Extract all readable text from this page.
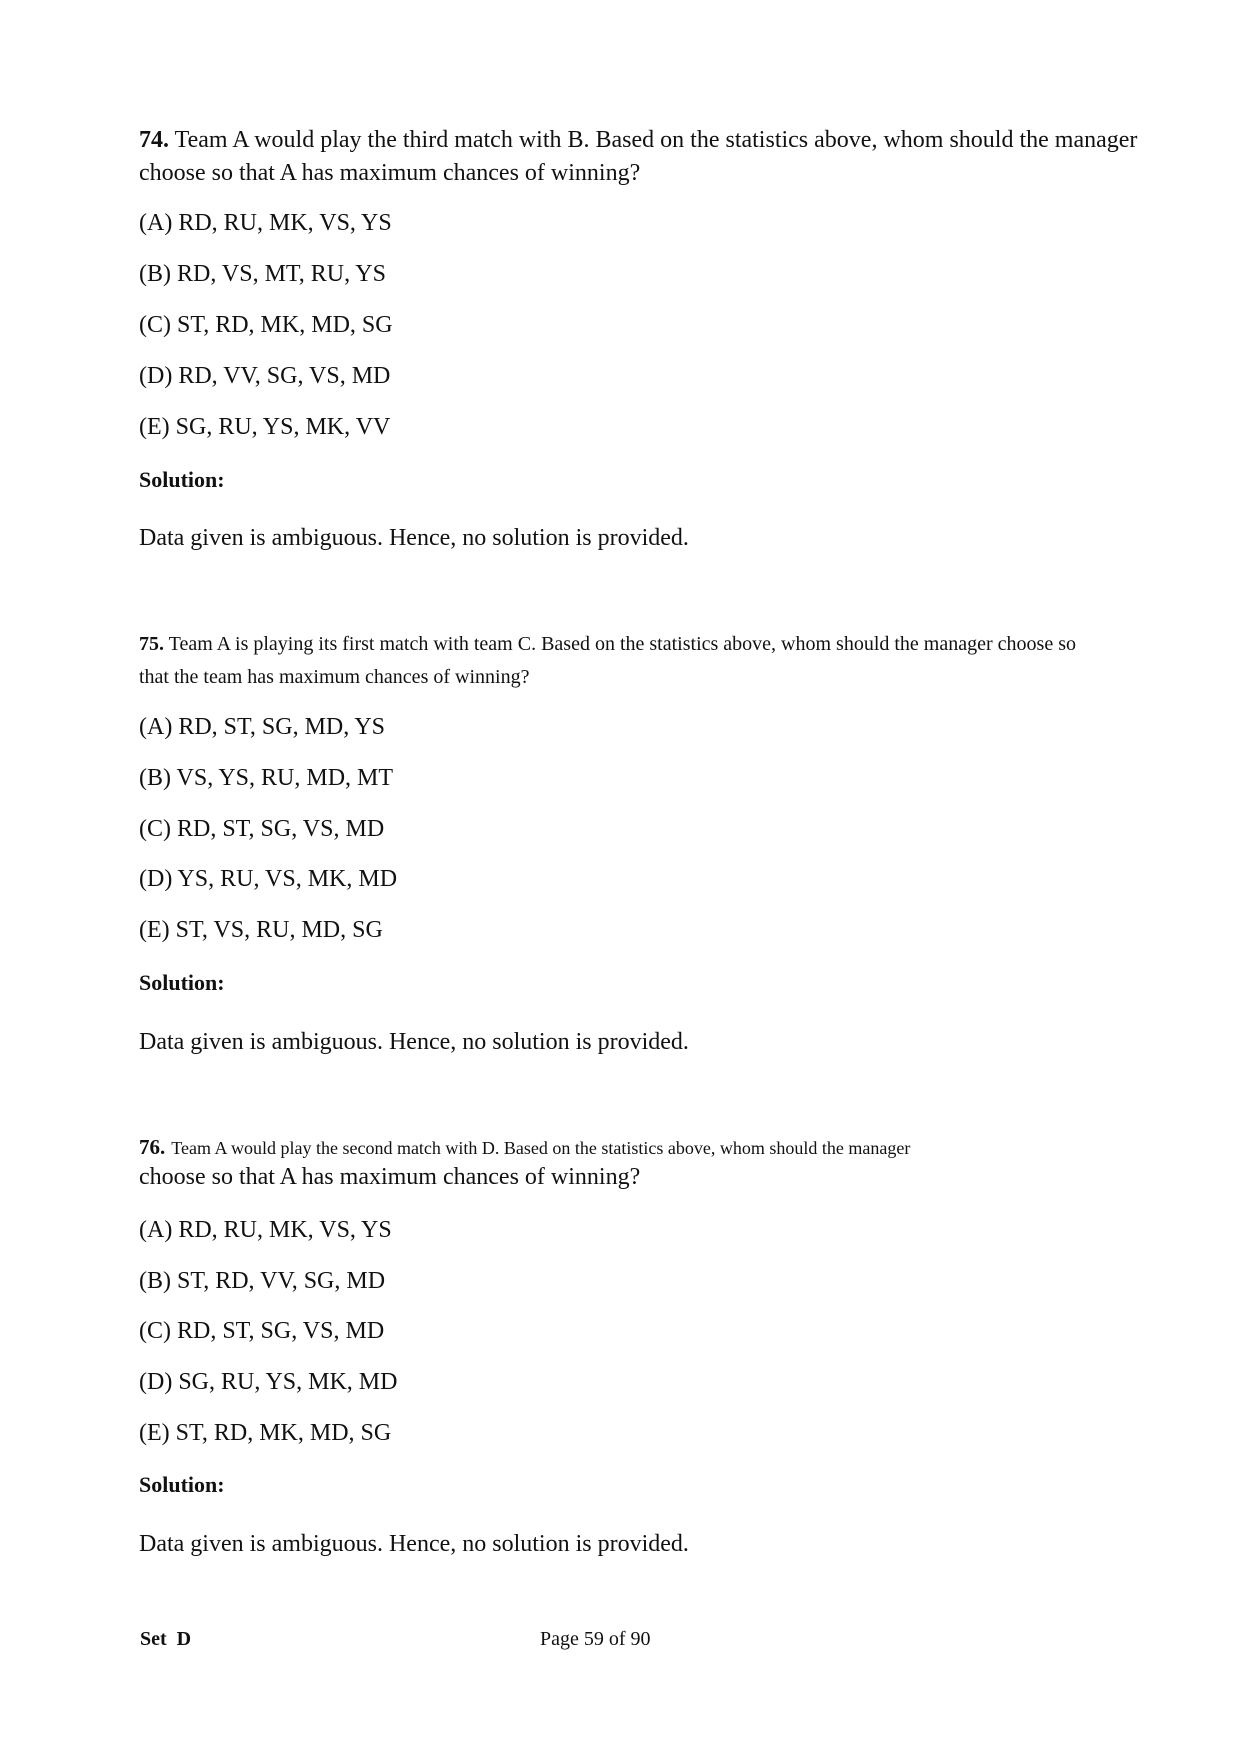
74. Team A would play the third match with B. Based on the statistics above, whom should the manager choose so that A has maximum chances of winning?

(A) RD, RU, MK, VS, YS

(B) RD, VS, MT, RU, YS

(C) ST, RD, MK, MD, SG

(D) RD, VV, SG, VS, MD

(E) SG, RU, YS, MK, VV

Solution:

Data given is ambiguous. Hence, no solution is provided.

75. Team A is playing its first match with team C. Based on the statistics above, whom should the manager choose so that the team has maximum chances of winning?

(A) RD, ST, SG, MD, YS

(B) VS, YS, RU, MD, MT

(C) RD, ST, SG, VS, MD

(D) YS, RU, VS, MK, MD

(E) ST, VS, RU, MD, SG

Solution:

Data given is ambiguous. Hence, no solution is provided.

76. Team A would play the second match with D. Based on the statistics above, whom should the manager

choose so that A has maximum chances of winning?

(A) RD, RU, MK, VS, YS

(B) ST, RD, VV, SG, MD

(C) RD, ST, SG, VS, MD

(D) SG, RU, YS, MK, MD

(E) ST, RD, MK, MD, SG

Solution:

Data given is ambiguous. Hence, no solution is provided.

Set  D	Page 59 of 90
